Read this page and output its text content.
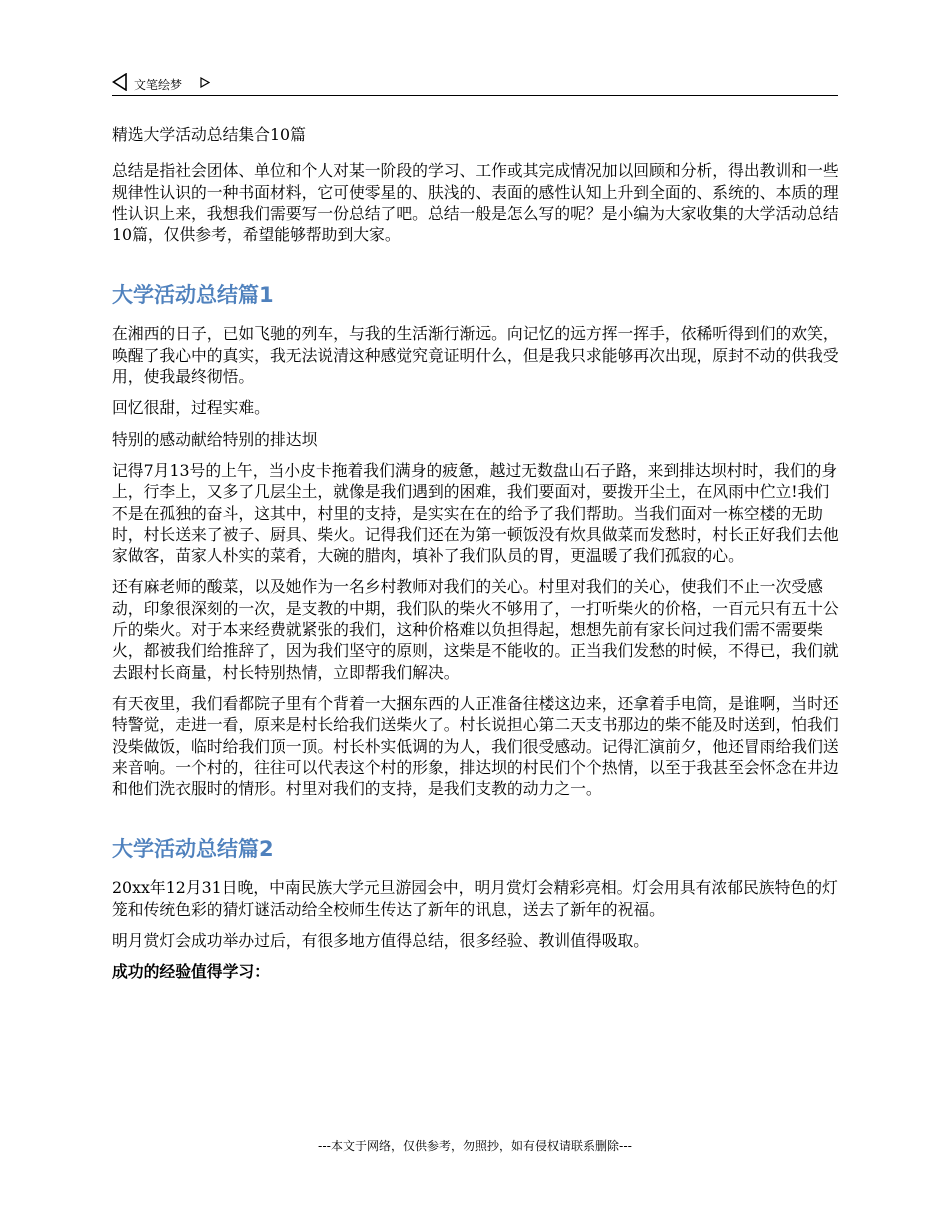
文笔绘梦

精选大学活动总结集合10篇

总结是指社会团体、单位和个人对某一阶段的学习、工作或其完成情况加以回顾和分析，得出教训和一些规律性认识的一种书面材料，它可使零星的、肤浅的、表面的感性认知上升到全面的、系统的、本质的理性认识上来，我想我们需要写一份总结了吧。总结一般是怎么写的呢？是小编为大家收集的大学活动总结10篇，仅供参考，希望能够帮助到大家。

大学活动总结篇1

在湘西的日子，已如飞驰的列车，与我的生活渐行渐远。向记忆的远方挥一挥手，依稀听得到们的欢笑，唤醒了我心中的真实，我无法说清这种感觉究竟证明什么，但是我只求能够再次出现，原封不动的供我受用，使我最终彻悟。

回忆很甜，过程实难。

特别的感动献给特别的排达坝

记得7月13号的上午，当小皮卡拖着我们满身的疲惫，越过无数盘山石子路，来到排达坝村时，我们的身上，行李上，又多了几层尘土，就像是我们遇到的困难，我们要面对，要拨开尘土，在风雨中伫立!我们不是在孤独的奋斗，这其中，村里的支持，是实实在在的给予了我们帮助。当我们面对一栋空楼的无助时，村长送来了被子、厨具、柴火。记得我们还在为第一顿饭没有炊具做菜而发愁时，村长正好我们去他家做客，苗家人朴实的菜肴，大碗的腊肉，填补了我们队员的胃，更温暖了我们孤寂的心。

还有麻老师的酸菜，以及她作为一名乡村教师对我们的关心。村里对我们的关心，使我们不止一次受感动，印象很深刻的一次，是支教的中期，我们队的柴火不够用了，一打听柴火的价格，一百元只有五十公斤的柴火。对于本来经费就紧张的我们，这种价格难以负担得起，想想先前有家长问过我们需不需要柴火，都被我们给推辞了，因为我们坚守的原则，这柴是不能收的。正当我们发愁的时候，不得已，我们就去跟村长商量，村长特别热情，立即帮我们解决。

有天夜里，我们看都院子里有个背着一大捆东西的人正准备往楼这边来，还拿着手电筒，是谁啊，当时还特警觉，走进一看，原来是村长给我们送柴火了。村长说担心第二天支书那边的柴不能及时送到，怕我们没柴做饭，临时给我们顶一顶。村长朴实低调的为人，我们很受感动。记得汇演前夕，他还冒雨给我们送来音响。一个村的，往往可以代表这个村的形象，排达坝的村民们个个热情，以至于我甚至会怀念在井边和他们洗衣服时的情形。村里对我们的支持，是我们支教的动力之一。

大学活动总结篇2

20xx年12月31日晚，中南民族大学元旦游园会中，明月赏灯会精彩亮相。灯会用具有浓郁民族特色的灯笼和传统色彩的猜灯谜活动给全校师生传达了新年的讯息，送去了新年的祝福。

明月赏灯会成功举办过后，有很多地方值得总结，很多经验、教训值得吸取。

成功的经验值得学习：

---本文于网络，仅供参考，勿照抄，如有侵权请联系删除---
